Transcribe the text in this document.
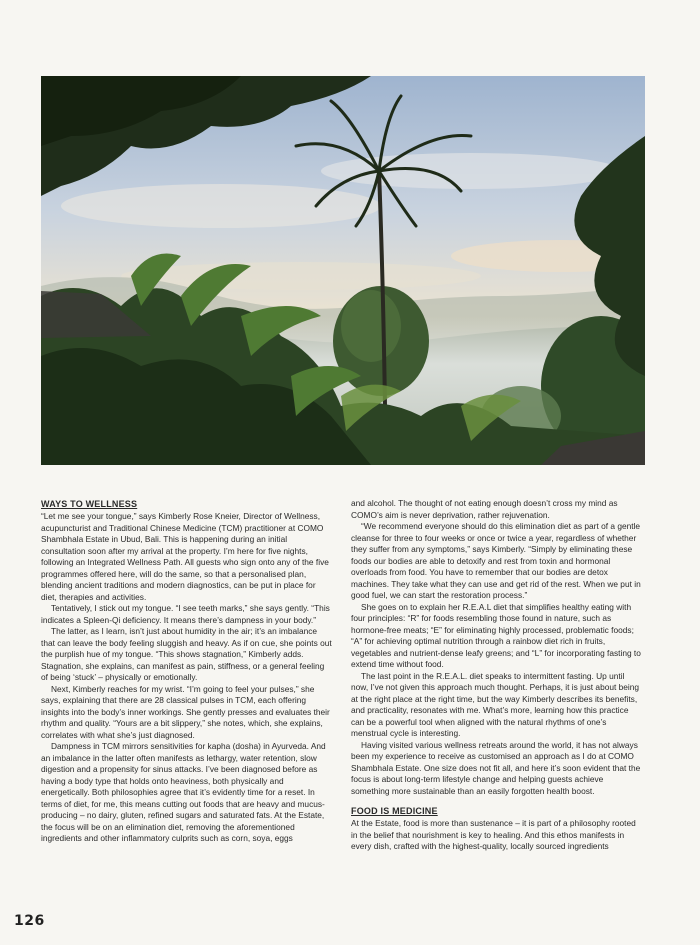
WAYS TO WELLNESS

“Let me see your tongue,” says Kimberly Rose Kneier, Director of Wellness, acupuncturist and Traditional Chinese Medicine (TCM) practitioner at COMO Shambhala Estate in Ubud, Bali. This is happening during an initial consultation soon after my arrival at the property. I’m here for five nights, following an Integrated Wellness Path. All guests who sign onto any of the five programmes offered here, will do the same, so that a personalised plan, blending ancient traditions and modern diagnostics, can be put in place for diet, therapies and activities.

Tentatively, I stick out my tongue. “I see teeth marks,” she says gently. “This indicates a Spleen-Qi deficiency. It means there’s dampness in your body.”

The latter, as I learn, isn’t just about humidity in the air; it’s an imbalance that can leave the body feeling sluggish and heavy. As if on cue, she points out the purplish hue of my tongue. “This shows stagnation,” Kimberly adds. Stagnation, she explains, can manifest as pain, stiffness, or a general feeling of being ‘stuck’ – physically or emotionally.

Next, Kimberly reaches for my wrist. “I’m going to feel your pulses,” she says, explaining that there are 28 classical pulses in TCM, each offering insights into the body’s inner workings. She gently presses and evaluates their rhythm and quality. “Yours are a bit slippery,” she notes, which, she explains, correlates with what she’s just diagnosed.

Dampness in TCM mirrors sensitivities for kapha (dosha) in Ayurveda. And an imbalance in the latter often manifests as lethargy, water retention, slow digestion and a propensity for sinus attacks. I’ve been diagnosed before as having a body type that holds onto heaviness, both physically and energetically. Both philosophies agree that it’s evidently time for a reset. In terms of diet, for me, this means cutting out foods that are heavy and mucus-producing – no dairy, gluten, refined sugars and saturated fats. At the Estate, the focus will be on an elimination diet, removing the aforementioned ingredients and other inflammatory culprits such as corn, soya, eggs

and alcohol. The thought of not eating enough doesn’t cross my mind as COMO’s aim is never deprivation, rather rejuvenation.

“We recommend everyone should do this elimination diet as part of a gentle cleanse for three to four weeks or once or twice a year, regardless of whether they suffer from any symptoms,” says Kimberly. “Simply by eliminating these foods our bodies are able to detoxify and rest from toxin and hormonal overloads from food. You have to remember that our bodies are detox machines. They take what they can use and get rid of the rest. When we put in good fuel, we can start the restoration process.”

She goes on to explain her R.E.A.L diet that simplifies healthy eating with four principles: “R” for foods resembling those found in nature, such as hormone-free meats; “E” for eliminating highly processed, problematic foods; “A” for achieving optimal nutrition through a rainbow diet rich in fruits, vegetables and nutrient-dense leafy greens; and “L” for incorporating fasting to extend time without food.

The last point in the R.E.A.L. diet speaks to intermittent fasting. Up until now, I’ve not given this approach much thought. Perhaps, it is just about being at the right place at the right time, but the way Kimberly describes its benefits, and practicality, resonates with me. What’s more, learning how this practice can be a powerful tool when aligned with the natural rhythms of one’s menstrual cycle is interesting.

Having visited various wellness retreats around the world, it has not always been my experience to receive as customised an approach as I do at COMO Shambhala Estate. One size does not fit all, and here it’s soon evident that the focus is about long-term lifestyle change and helping guests achieve something more sustainable than an easily forgotten health boost.

FOOD IS MEDICINE

At the Estate, food is more than sustenance – it is part of a philosophy rooted in the belief that nourishment is key to healing. And this ethos manifests in every dish, crafted with the highest-quality, locally sourced ingredients

126
